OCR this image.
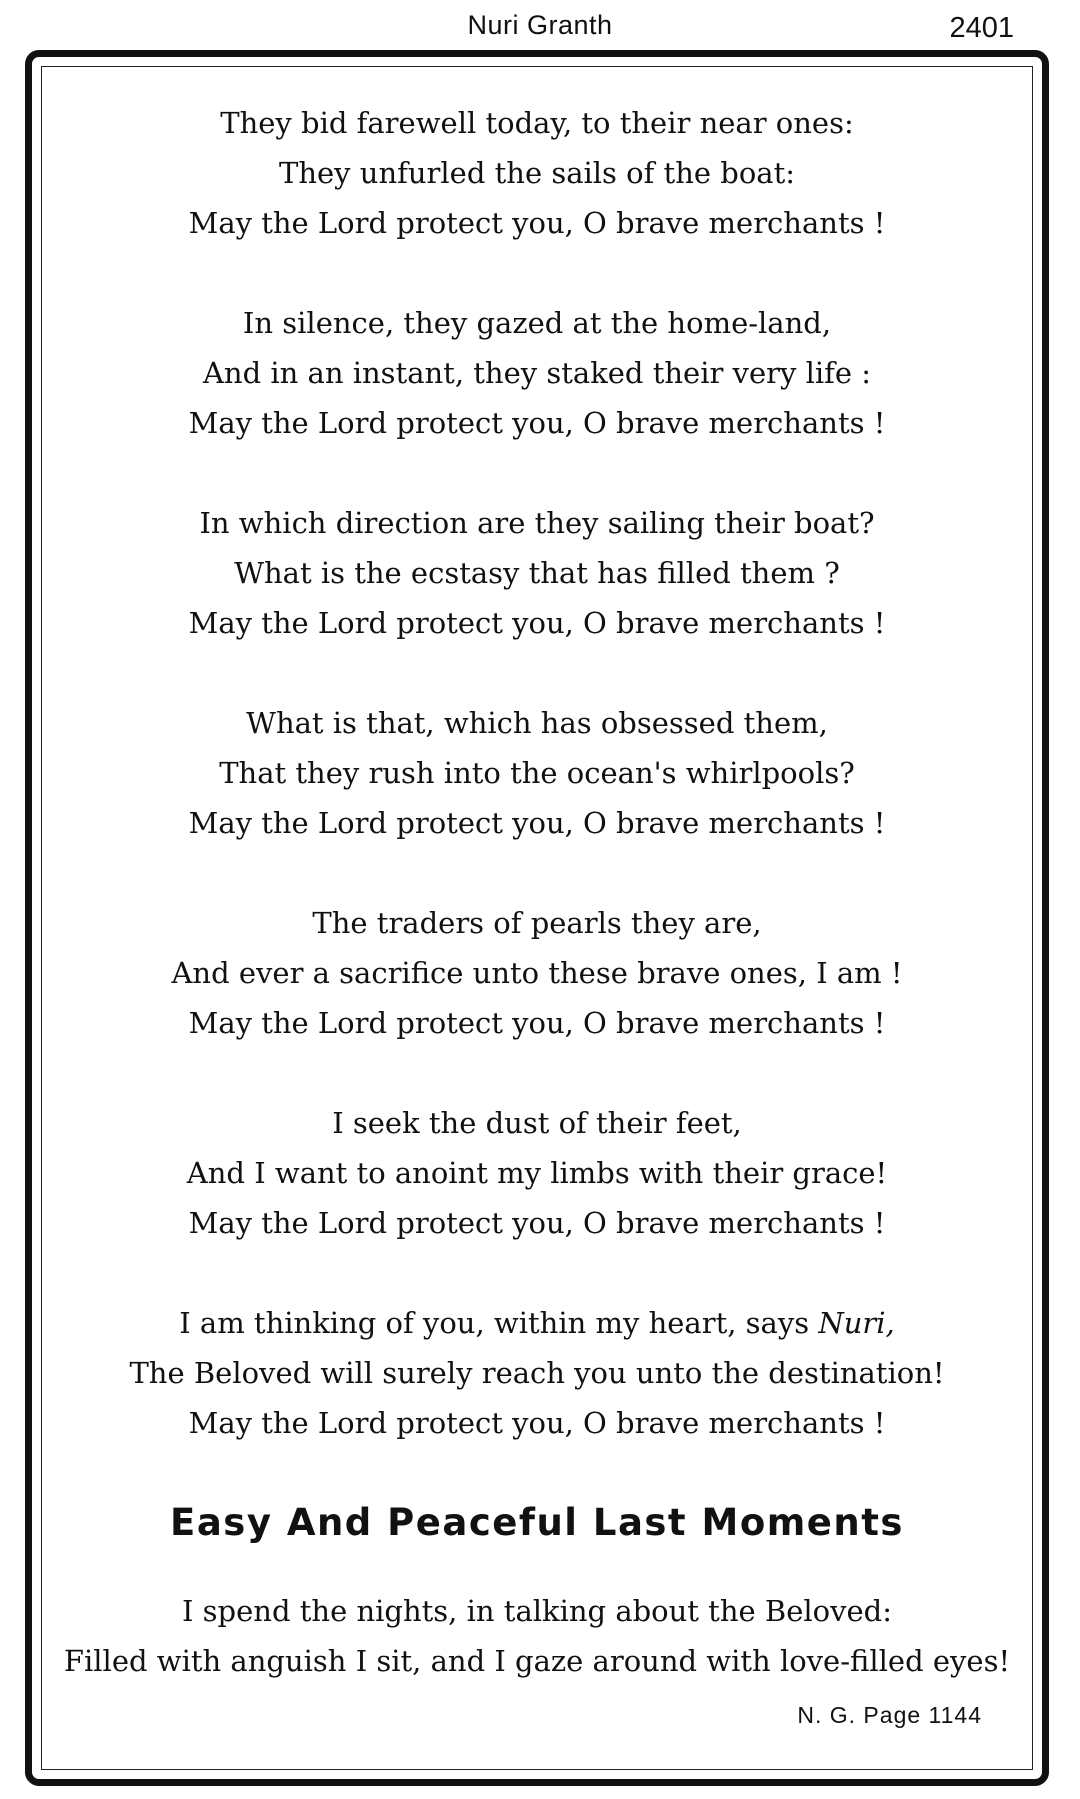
Nuri Granth	2401
They bid farewell today, to their near ones:
They unfurled the sails of the boat:
May the Lord protect you, O brave merchants !
In silence, they gazed at the home-land,
And in an instant, they staked their very life :
May the Lord protect you, O brave merchants !
In which direction are they sailing their boat?
What is the ecstasy that has filled them ?
May the Lord protect you, O brave merchants !
What is that, which has obsessed them,
That they rush into the ocean's whirlpools?
May the Lord protect you, O brave merchants !
The traders of pearls they are,
And ever a sacrifice unto these brave ones, I am !
May the Lord protect you, O brave merchants !
I seek the dust of their feet,
And I want to anoint my limbs with their grace!
May the Lord protect you, O brave merchants !
I am thinking of you, within my heart, says Nuri,
The Beloved will surely reach you unto the destination!
May the Lord protect you, O brave merchants !
Easy And Peaceful Last Moments
I spend the nights, in talking about the Beloved:
Filled with anguish I sit, and I gaze around with love-filled eyes!
N. G. Page 1144
